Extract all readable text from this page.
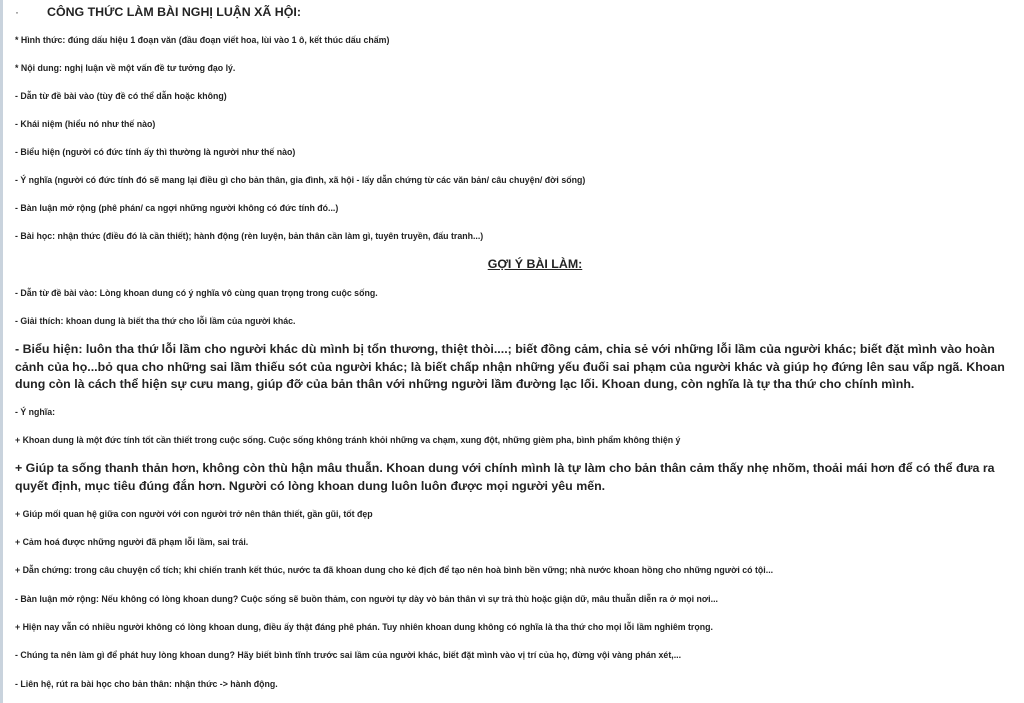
· CÔNG THỨC LÀM BÀI NGHỊ LUẬN XÃ HỘI:
* Hình thức: đúng dấu hiệu 1 đoạn văn (đầu đoạn viết hoa, lùi vào 1 ô, kết thúc dấu chấm)
* Nội dung: nghị luận về một vấn đề tư tưởng đạo lý.
- Dẫn từ đề bài vào (tùy đề có thể dẫn hoặc không)
- Khái niệm (hiểu nó như thế nào)
- Biểu hiện (người có đức tính ấy thì thường là người như thế nào)
- Ý nghĩa (người có đức tính đó sẽ mang lại điều gì cho bản thân, gia đình, xã hội - lấy dẫn chứng từ các văn bản/ câu chuyện/ đời sống)
- Bàn luận mở rộng (phê phán/ ca ngợi những người không có đức tính đó...)
- Bài học: nhận thức (điều đó là cần thiết); hành động (rèn luyện, bản thân cần làm gì, tuyên truyền, đấu tranh...)
GỢI Ý BÀI LÀM:
- Dẫn từ đề bài vào: Lòng khoan dung có ý nghĩa vô cùng quan trọng trong cuộc sống.
- Giải thích: khoan dung là biết tha thứ cho lỗi lầm của người khác.
- Biểu hiện: luôn tha thứ lỗi lầm cho người khác dù mình bị tổn thương, thiệt thòi....; biết đồng cảm, chia sẻ với những lỗi lầm của người khác; biết đặt mình vào hoàn cảnh của họ...bỏ qua cho những sai lầm thiếu sót của người khác; là biết chấp nhận những yếu đuối sai phạm của người khác và giúp họ đứng lên sau vấp ngã. Khoan dung còn là cách thể hiện sự cưu mang, giúp đỡ của bản thân với những người lầm đường lạc lối. Khoan dung, còn nghĩa là tự tha thứ cho chính mình.
- Ý nghĩa:
+ Khoan dung là một đức tính tốt cần thiết trong cuộc sống. Cuộc sống không tránh khỏi những va chạm, xung đột, những gièm pha, bình phẩm không thiện ý
+ Giúp ta sống thanh thản hơn, không còn thù hận mâu thuẫn. Khoan dung với chính mình là tự làm cho bản thân cảm thấy nhẹ nhõm, thoải mái hơn để có thể đưa ra quyết định, mục tiêu đúng đắn hơn. Người có lòng khoan dung luôn luôn được mọi người yêu mến.
+ Giúp mối quan hệ giữa con người với con người trở nên thân thiết, gần gũi, tốt đẹp
+ Cảm hoá được những người đã phạm lỗi lầm, sai trái.
+ Dẫn chứng: trong câu chuyện cổ tích; khi chiến tranh kết thúc, nước ta đã khoan dung cho kẻ địch để tạo nên hoà bình bền vững; nhà nước khoan hồng cho những người có tội...
- Bàn luận mở rộng: Nếu không có lòng khoan dung? Cuộc sống sẽ buồn thảm, con người tự dày vò bản thân vì sự trả thù hoặc giận dữ, mâu thuẫn diễn ra ở mọi nơi...
+ Hiện nay vẫn có nhiều người không có lòng khoan dung, điều ấy thật đáng phê phán. Tuy nhiên khoan dung không có nghĩa là tha thứ cho mọi lỗi lầm nghiêm trọng.
- Chúng ta nên làm gì để phát huy lòng khoan dung? Hãy biết bình tĩnh trước sai lầm của người khác, biết đặt mình vào vị trí của họ, đừng vội vàng phán xét,...
- Liên hệ, rút ra bài học cho bản thân: nhận thức -> hành động.
